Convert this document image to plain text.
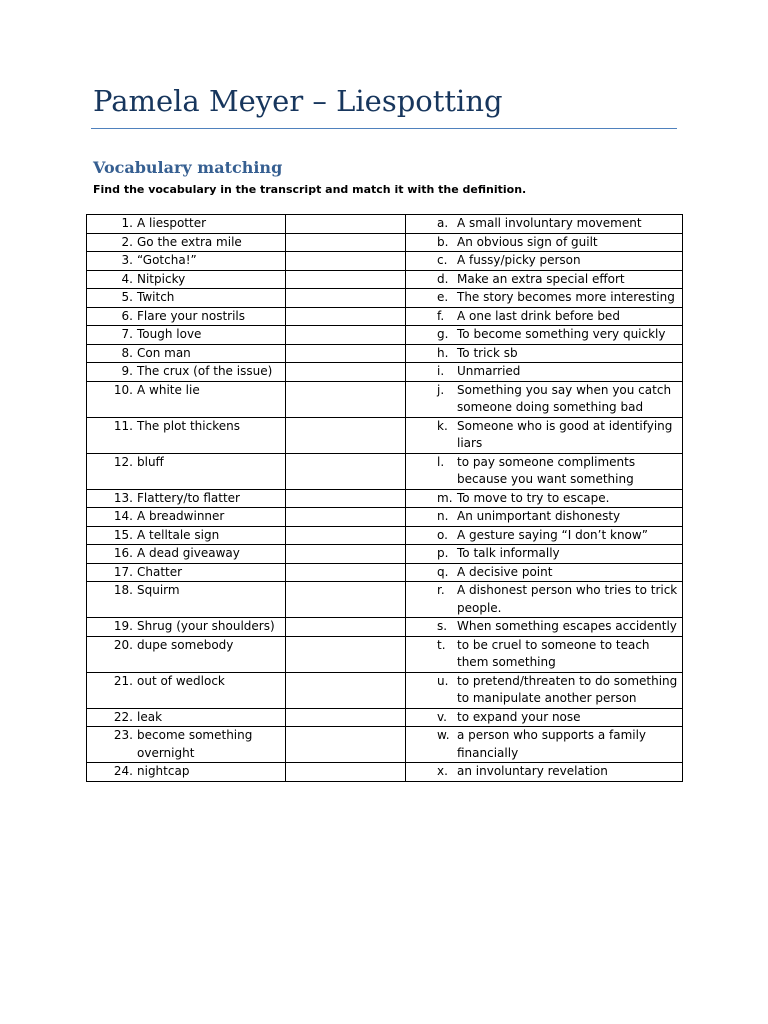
Pamela Meyer – Liespotting
Vocabulary matching

Find the vocabulary in the transcript and match it with the definition.

1. A liespotter		a. A small involuntary movement

2. Go the extra mile		b. An obvious sign of guilt

3. “Gotcha!”		c. A fussy/picky person

4. Nitpicky		d. Make an extra special effort

5. Twitch		e. The story becomes more interesting

6. Flare your nostrils		f. A one last drink before bed

7. Tough love		g. To become something very quickly

8. Con man		h. To trick sb

9. The crux (of the issue)		i. Unmarried

10. A white lie		j. Something you say when you catch someone doing something bad

11. The plot thickens		k. Someone who is good at identifying liars

12. bluff		l. to pay someone compliments because you want something

13. Flattery/to flatter		m. To move to try to escape.

14. A breadwinner		n. An unimportant dishonesty

15. A telltale sign		o. A gesture saying “I don’t know”

16. A dead giveaway		p. To talk informally

17. Chatter		q. A decisive point

18. Squirm		r. A dishonest person who tries to trick people.

19. Shrug (your shoulders)		s. When something escapes accidently

20. dupe somebody		t. to be cruel to someone to teach them something

21. out of wedlock		u. to pretend/threaten to do something to manipulate another person

22. leak		v. to expand your nose

23. become something overnight		w. a person who supports a family financially

24. nightcap		x. an involuntary revelation
